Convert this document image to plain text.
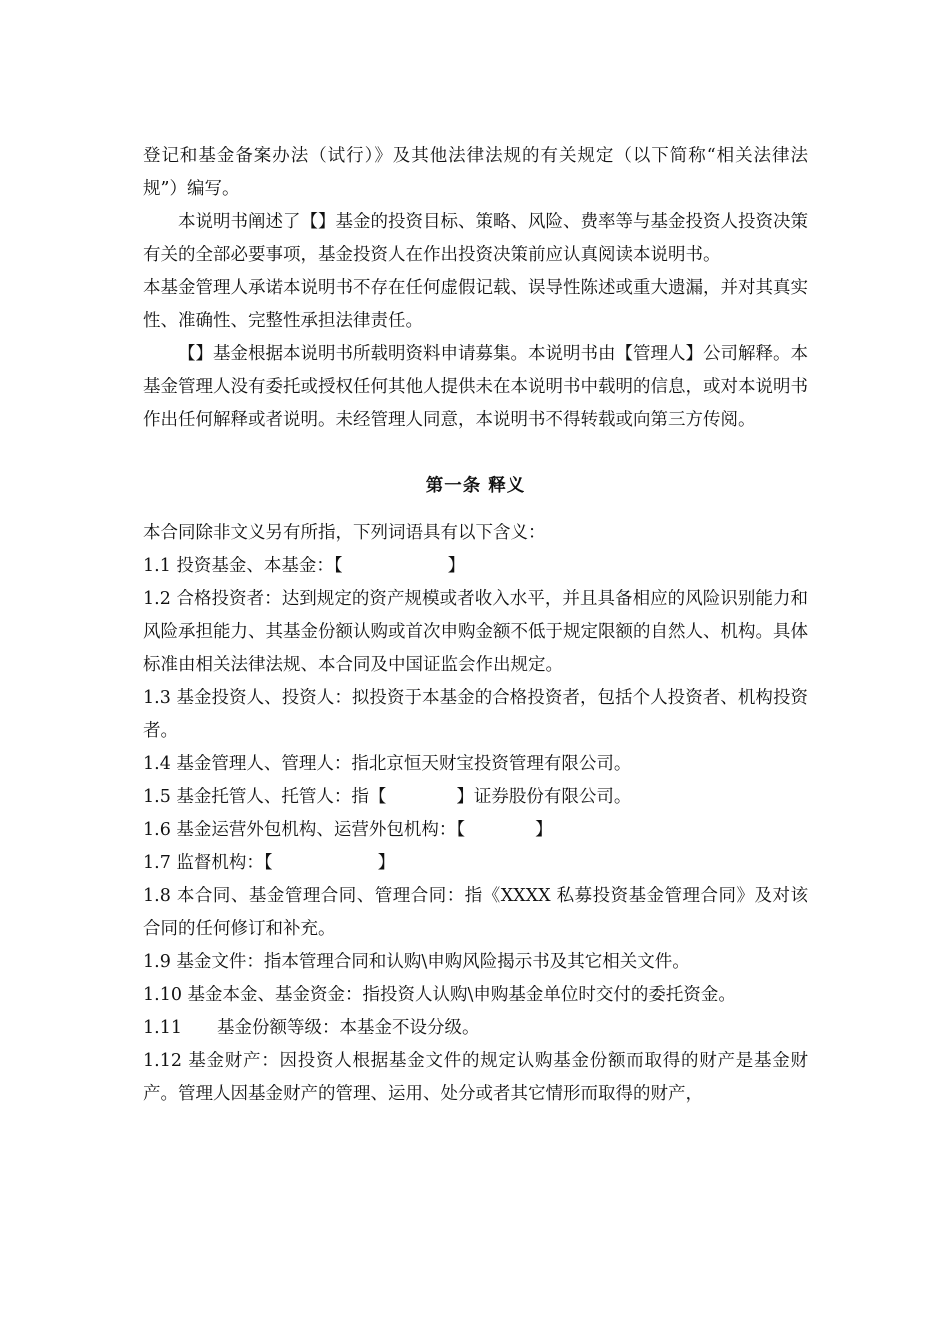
登记和基金备案办法（试行）》及其他法律法规的有关规定（以下简称“相关法律法规”）编写。

本说明书阐述了【】基金的投资目标、策略、风险、费率等与基金投资人投资决策有关的全部必要事项，基金投资人在作出投资决策前应认真阅读本说明书。

本基金管理人承诺本说明书不存在任何虚假记载、误导性陈述或重大遗漏，并对其真实性、准确性、完整性承担法律责任。

【】基金根据本说明书所载明资料申请募集。本说明书由【管理人】公司解释。本基金管理人没有委托或授权任何其他人提供未在本说明书中载明的信息，或对本说明书作出任何解释或者说明。未经管理人同意，本说明书不得转载或向第三方传阅。

第一条 释义

本合同除非文义另有所指，下列词语具有以下含义：

1.1 投资基金、本基金：【　　　　　　】

1.2 合格投资者：达到规定的资产规模或者收入水平，并且具备相应的风险识别能力和风险承担能力、其基金份额认购或首次申购金额不低于规定限额的自然人、机构。具体标准由相关法律法规、本合同及中国证监会作出规定。

1.3 基金投资人、投资人：拟投资于本基金的合格投资者，包括个人投资者、机构投资者。

1.4 基金管理人、管理人：指北京恒天财宝投资管理有限公司。

1.5 基金托管人、托管人：指【　　　　】证券股份有限公司。

1.6 基金运营外包机构、运营外包机构：【　　　　】

1.7 监督机构：【　　　　　　】

1.8 本合同、基金管理合同、管理合同：指《XXXX 私募投资基金管理合同》及对该合同的任何修订和补充。

1.9 基金文件：指本管理合同和认购\申购风险揭示书及其它相关文件。

1.10 基金本金、基金资金：指投资人认购\申购基金单位时交付的委托资金。

1.11　　基金份额等级：本基金不设分级。

1.12 基金财产：因投资人根据基金文件的规定认购基金份额而取得的财产是基金财产。管理人因基金财产的管理、运用、处分或者其它情形而取得的财产，
